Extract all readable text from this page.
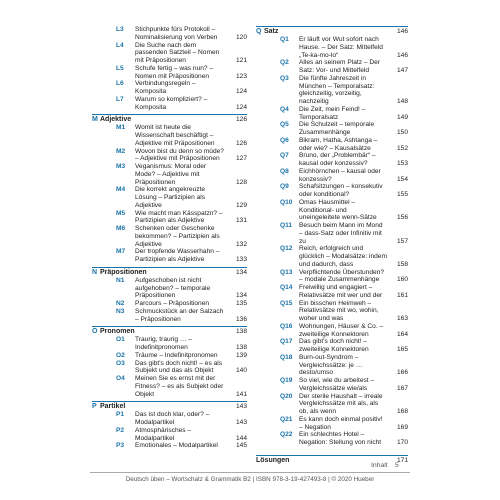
L3 Stichpunkte fürs Protokoll – Nominalisierung von Verben	120
L4 Die Suche nach dem passenden Satzteil – Nomen mit Präpositionen	121
L5 Schufe fertig – was nun? – Nomen mit Präpositionen	123
L6 Verbindungsregeln – Komposita	124
L7 Warum so kompliziert? – Komposita	124
M Adjektive	126
M1 Womit ist heute die Wissenschaft beschäftigt – Adjektive mit Präpositionen	126
M2 Wovon bist du denn so müde? – Adjektive mit Präpositionen	127
M3 Veganismus: Moral oder Mode? – Adjektive mit Präpositionen	128
M4 Die korrekt angekreuzte Lösung – Partizipien als Adjektive	129
M5 Wie macht man Kässpatzn? – Partizipien als Adjektive	131
M6 Schenken oder Geschenke bekommen? – Partizipien als Adjektive	132
M7 Der tropfende Wasserhahn – Partizipien als Adjektive	133
N Präpositionen	134
N1 Aufgeschoben ist nicht aufgehoben? – temporale Präpositionen	134
N2 Parcours – Präpositionen	135
N3 Schmuckstück an der Salzach – Präpositionen	136
O Pronomen	138
O1 Traurig, traurig … – Indefinitpronomen	138
O2 Träume – Indefinitpronomen	139
O3 Das gibt's doch nicht! – es als Subjekt und das als Objekt	140
O4 Meinen Sie es ernst mit der Fitness? – es als Subjekt oder Objekt	141
P Partikel	143
P1 Das ist doch klar, oder? – Modalpartikel	143
P2 Atmosphärisches – Modalpartikel	144
P3 Emotionales – Modalpartikel	145
Q Satz	146
Q1 Er läuft vor Wut sofort nach Hause. – Der Satz: Mittelfeld „Te-ka-mo-lo“	146
Q2 Alles an seinem Platz – Der Satz: Vor- und Mittelfeld	147
Q3 Die fünfte Jahreszeit in München – Temporalsatz: gleichzeitig, vorzeitig, nachzeitig	148
Q4 Die Zeit, mein Feind! – Temporalsatz	149
Q5 Die Schulzeit – temporale Zusammenhänge	150
Q6 Bikram, Hatha, Ashtanga – oder wie? – Kausalsätze	152
Q7 Bruno, der „Problembär“ – kausal oder konzessiv?	153
Q8 Eichhörnchen – kausal oder konzessiv?	154
Q9 Schafsitzungen – konsekutiv oder konditional?	155
Q10 Omas Hausmittel – Konditional- und uneingeleitete wenn-Sätze	156
Q11 Besuch beim Mann im Mond – dass-Satz oder Infinitiv mit zu	157
Q12 Reich, erfolgreich und glücklich – Modalsätze: indem und dadurch, dass	158
Q13 Verpflichtende Überstunden? – modale Zusammenhänge	160
Q14 Freiwillig und engagiert – Relativsätze mit wer und der	161
Q15 Ein bisschen Heimweh – Relativsätze mit wo, wohin, woher und was	163
Q16 Wohnungen, Häuser & Co. – zweiteilige Konnektoren	164
Q17 Das gibt's doch nicht! – zweiteilige Konnektoren	165
Q18 Burn-out-Syndrom – Vergleichssätze: je … desto/umso	166
Q19 So viel, wie du arbeitest – Vergleichssätze wie/als	167
Q20 Der sterile Haushalt – irreale Vergleichssätze mit als, als ob, als wenn	168
Q21 Es kann doch einmal positiv! – Negation	169
Q22 Ein schlechtes Hotel – Negation: Stellung von nicht	170
Lösungen	171
Inhalt 5
Deutsch üben – Wortschatz & Grammatik B2 | ISBN 978-3-19-427493-8 | © 2020 Hueber
